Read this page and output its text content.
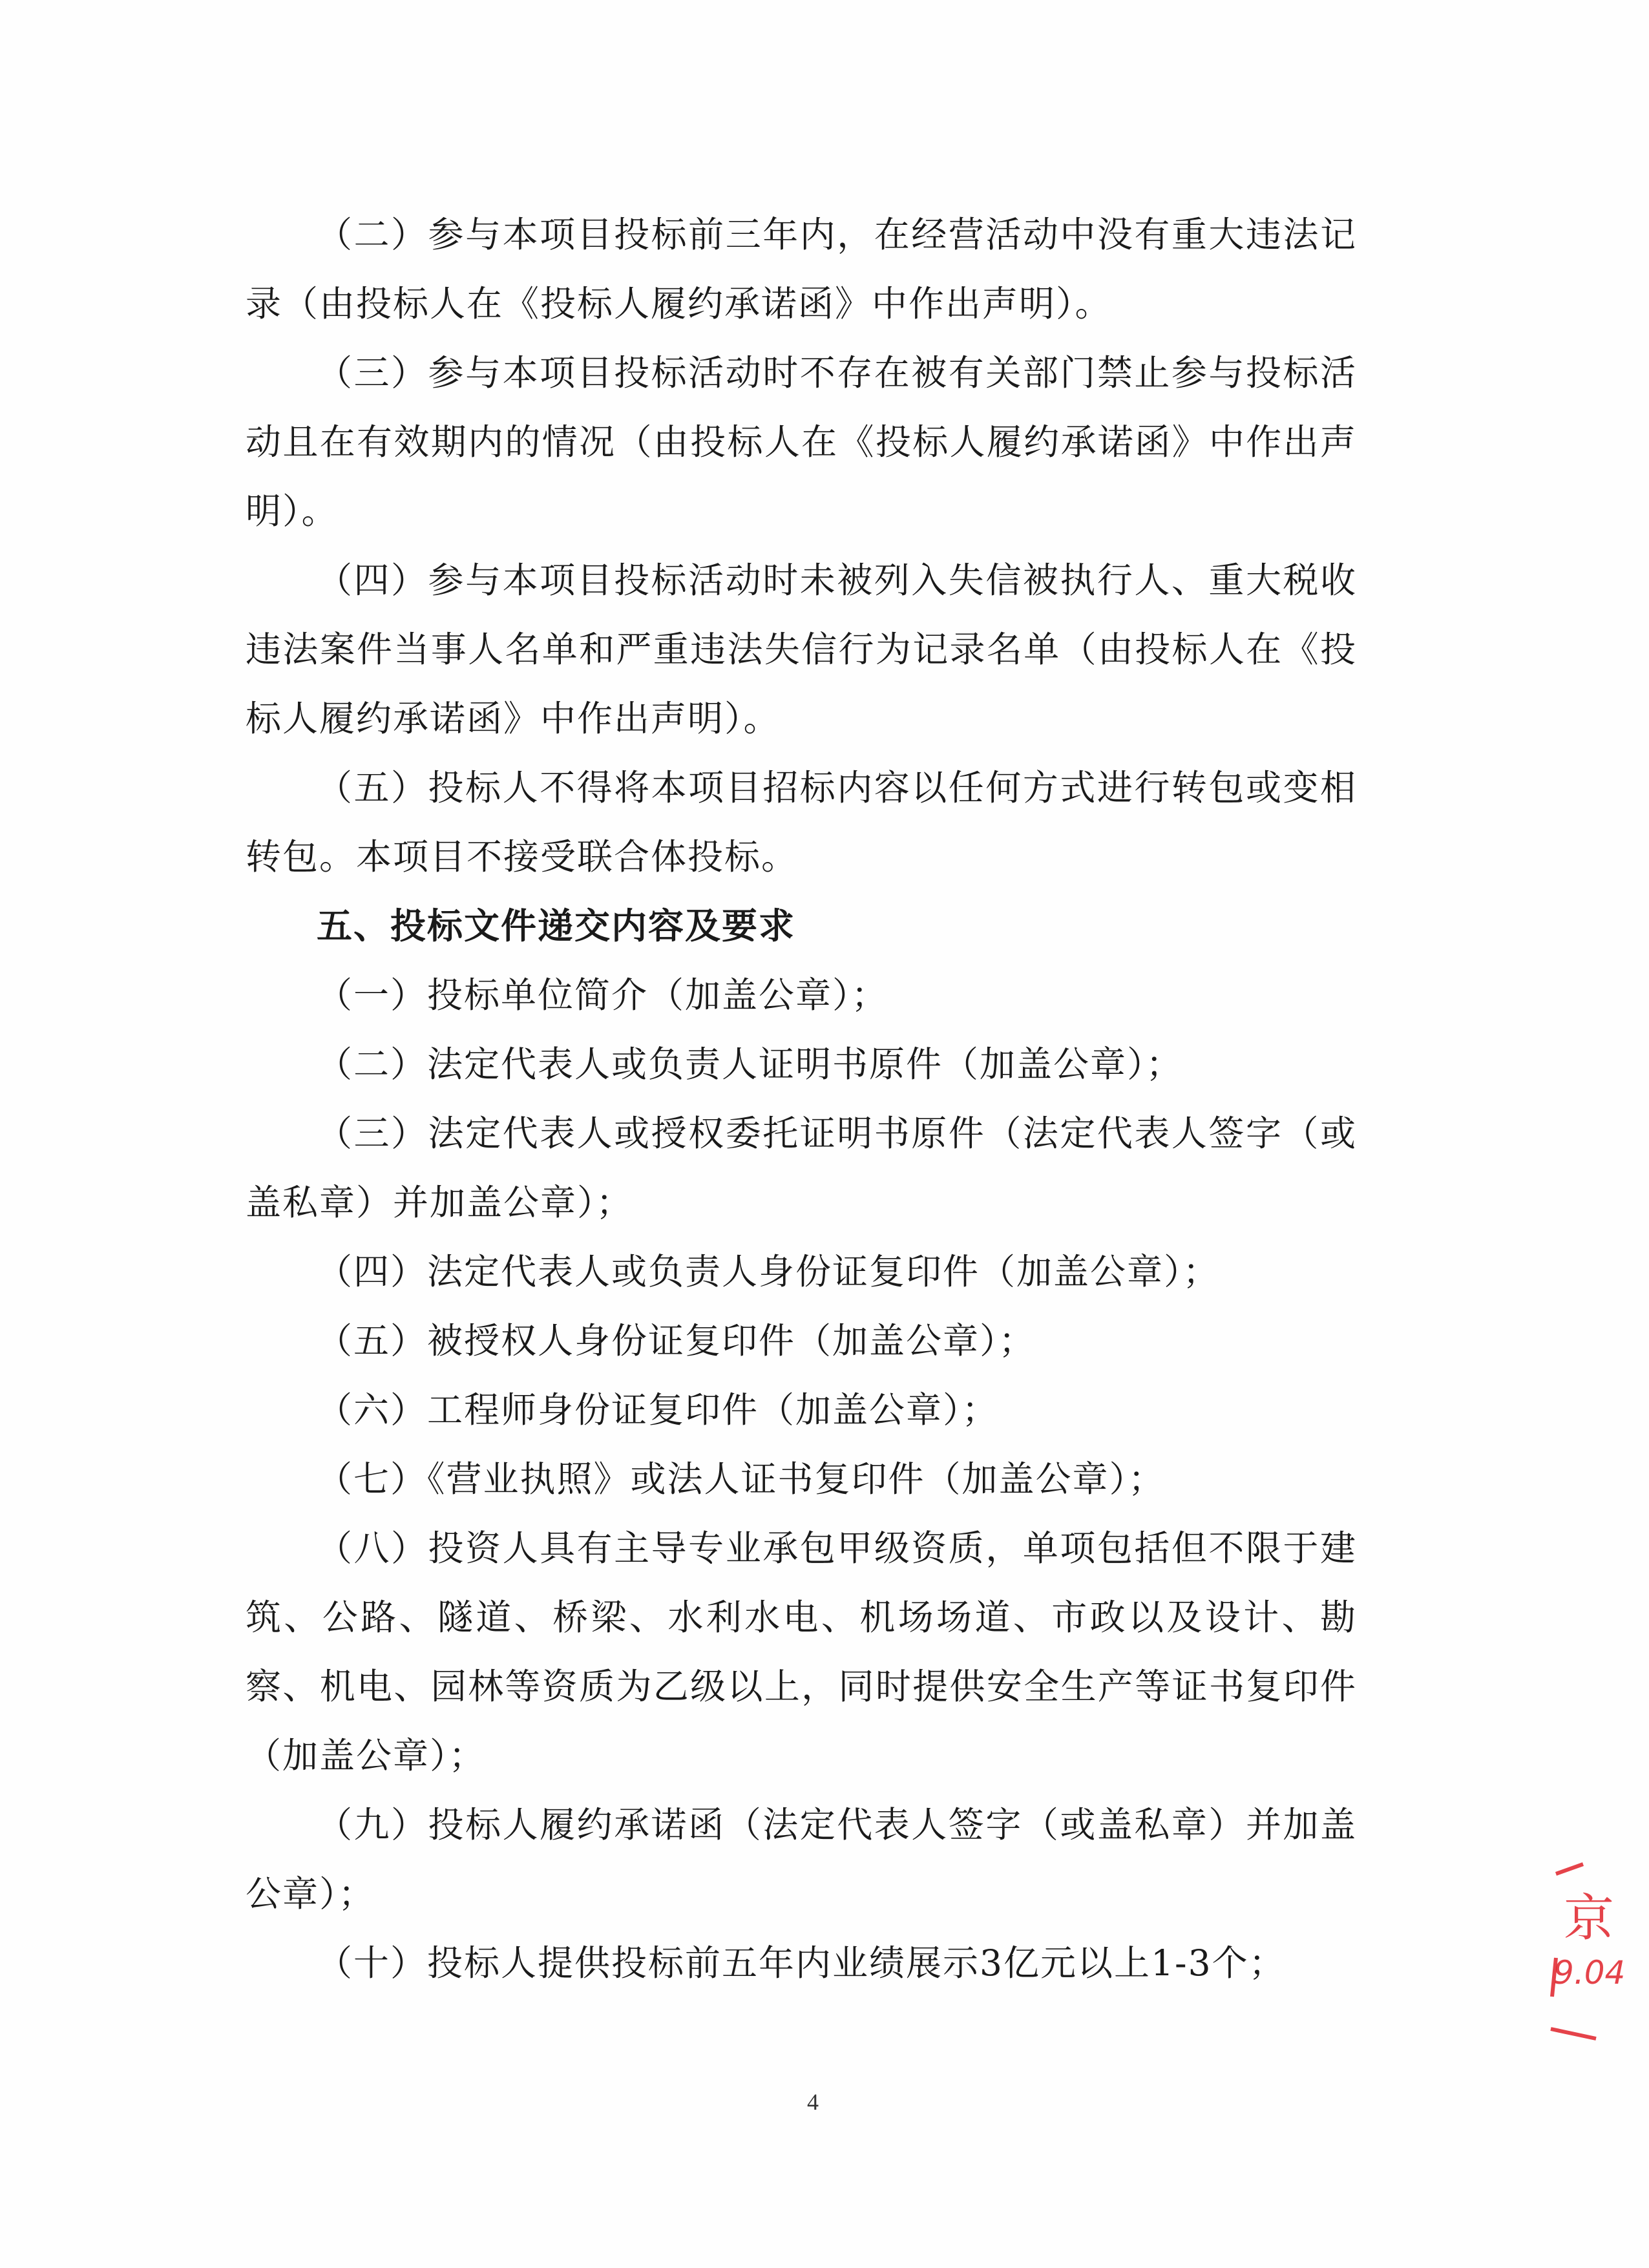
（二）参与本项目投标前三年内，在经营活动中没有重大违法记录（由投标人在《投标人履约承诺函》中作出声明）。

（三）参与本项目投标活动时不存在被有关部门禁止参与投标活动且在有效期内的情况（由投标人在《投标人履约承诺函》中作出声明）。

（四）参与本项目投标活动时未被列入失信被执行人、重大税收违法案件当事人名单和严重违法失信行为记录名单（由投标人在《投标人履约承诺函》中作出声明）。

（五）投标人不得将本项目招标内容以任何方式进行转包或变相转包。本项目不接受联合体投标。

五、投标文件递交内容及要求

（一）投标单位简介（加盖公章）；

（二）法定代表人或负责人证明书原件（加盖公章）；

（三）法定代表人或授权委托证明书原件（法定代表人签字（或盖私章）并加盖公章）；

（四）法定代表人或负责人身份证复印件（加盖公章）；

（五）被授权人身份证复印件（加盖公章）；

（六）工程师身份证复印件（加盖公章）；

（七）《营业执照》或法人证书复印件（加盖公章）；

（八）投资人具有主导专业承包甲级资质，单项包括但不限于建筑、公路、隧道、桥梁、水利水电、机场场道、市政以及设计、勘察、机电、园林等资质为乙级以上，同时提供安全生产等证书复印件（加盖公章）；

（九）投标人履约承诺函（法定代表人签字（或盖私章）并加盖公章）；

（十）投标人提供投标前五年内业绩展示3亿元以上1-3个；

4
京
9.04
